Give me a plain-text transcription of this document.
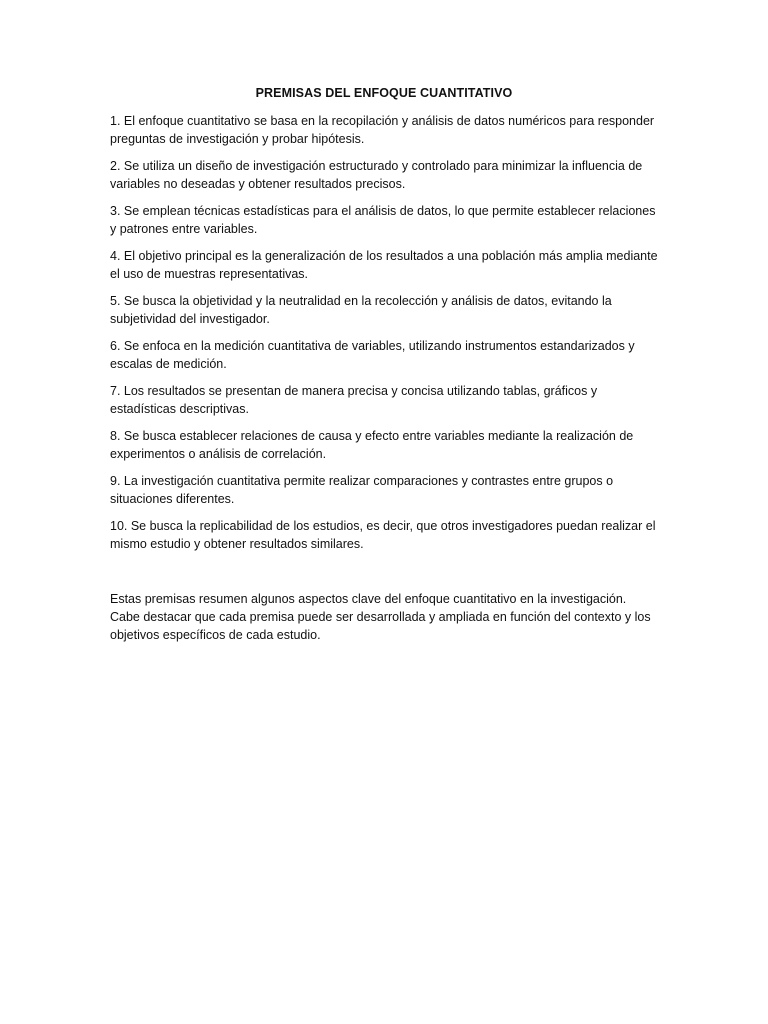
PREMISAS DEL ENFOQUE CUANTITATIVO
1. El enfoque cuantitativo se basa en la recopilación y análisis de datos numéricos para responder preguntas de investigación y probar hipótesis.
2. Se utiliza un diseño de investigación estructurado y controlado para minimizar la influencia de variables no deseadas y obtener resultados precisos.
3. Se emplean técnicas estadísticas para el análisis de datos, lo que permite establecer relaciones y patrones entre variables.
4. El objetivo principal es la generalización de los resultados a una población más amplia mediante el uso de muestras representativas.
5. Se busca la objetividad y la neutralidad en la recolección y análisis de datos, evitando la subjetividad del investigador.
6. Se enfoca en la medición cuantitativa de variables, utilizando instrumentos estandarizados y escalas de medición.
7. Los resultados se presentan de manera precisa y concisa utilizando tablas, gráficos y estadísticas descriptivas.
8. Se busca establecer relaciones de causa y efecto entre variables mediante la realización de experimentos o análisis de correlación.
9. La investigación cuantitativa permite realizar comparaciones y contrastes entre grupos o situaciones diferentes.
10. Se busca la replicabilidad de los estudios, es decir, que otros investigadores puedan realizar el mismo estudio y obtener resultados similares.

Estas premisas resumen algunos aspectos clave del enfoque cuantitativo en la investigación. Cabe destacar que cada premisa puede ser desarrollada y ampliada en función del contexto y los objetivos específicos de cada estudio.
